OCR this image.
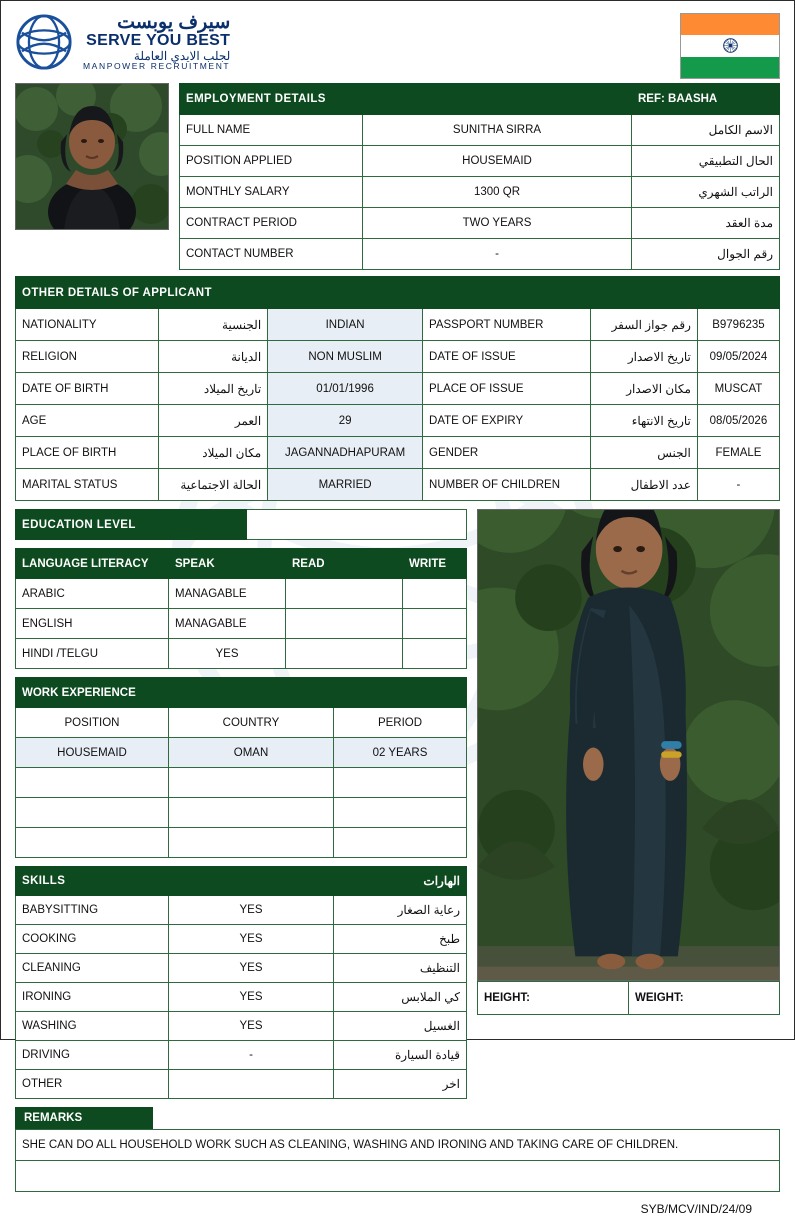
سيرف يوبست
SERVE YOU BEST
لجلب الايدي العاملة
MANPOWER RECRUITMENT
EMPLOYMENT DETAILS		REF: BAASHA
FULL NAME	SUNITHA SIRRA	الاسم الكامل
POSITION APPLIED	HOUSEMAID	الحال التطبيقي
MONTHLY SALARY	1300 QR	الراتب الشهري
CONTRACT PERIOD	TWO YEARS	مدة العقد
CONTACT NUMBER	-	رقم الجوال
OTHER DETAILS OF APPLICANT					
NATIONALITY	الجنسية	INDIAN	PASSPORT NUMBER	رقم جواز السفر	B9796235
RELIGION	الديانة	NON MUSLIM	DATE OF ISSUE	تاريخ الاصدار	09/05/2024
DATE OF BIRTH	تاريخ الميلاد	01/01/1996	PLACE OF ISSUE	مكان الاصدار	MUSCAT
AGE	العمر	29	DATE OF EXPIRY	تاريخ الانتهاء	08/05/2026
PLACE OF BIRTH	مكان الميلاد	JAGANNADHAPURAM	GENDER	الجنس	FEMALE
MARITAL STATUS	الحالة الاجتماعية	MARRIED	NUMBER OF CHILDREN	عدد الاطفال	-
EDUCATION LEVEL	
LANGUAGE LITERACY	SPEAK	READ	WRITE
ARABIC	MANAGABLE		
ENGLISH	MANAGABLE		
HINDI /TELGU	YES		
WORK EXPERIENCE		
POSITION	COUNTRY	PERIOD
HOUSEMAID	OMAN	02 YEARS

SKILLS		الهارات
BABYSITTING	YES	رعاية الصغار
COOKING	YES	طبخ
CLEANING	YES	التنظيف
IRONING	YES	كي الملابس
WASHING	YES	الغسيل
DRIVING	-	قيادة السيارة
OTHER		اخر
HEIGHT:	WEIGHT:
REMARKS
SHE CAN DO ALL HOUSEHOLD WORK SUCH AS CLEANING, WASHING AND IRONING AND TAKING CARE OF CHILDREN.

SYB/MCV/IND/24/09
